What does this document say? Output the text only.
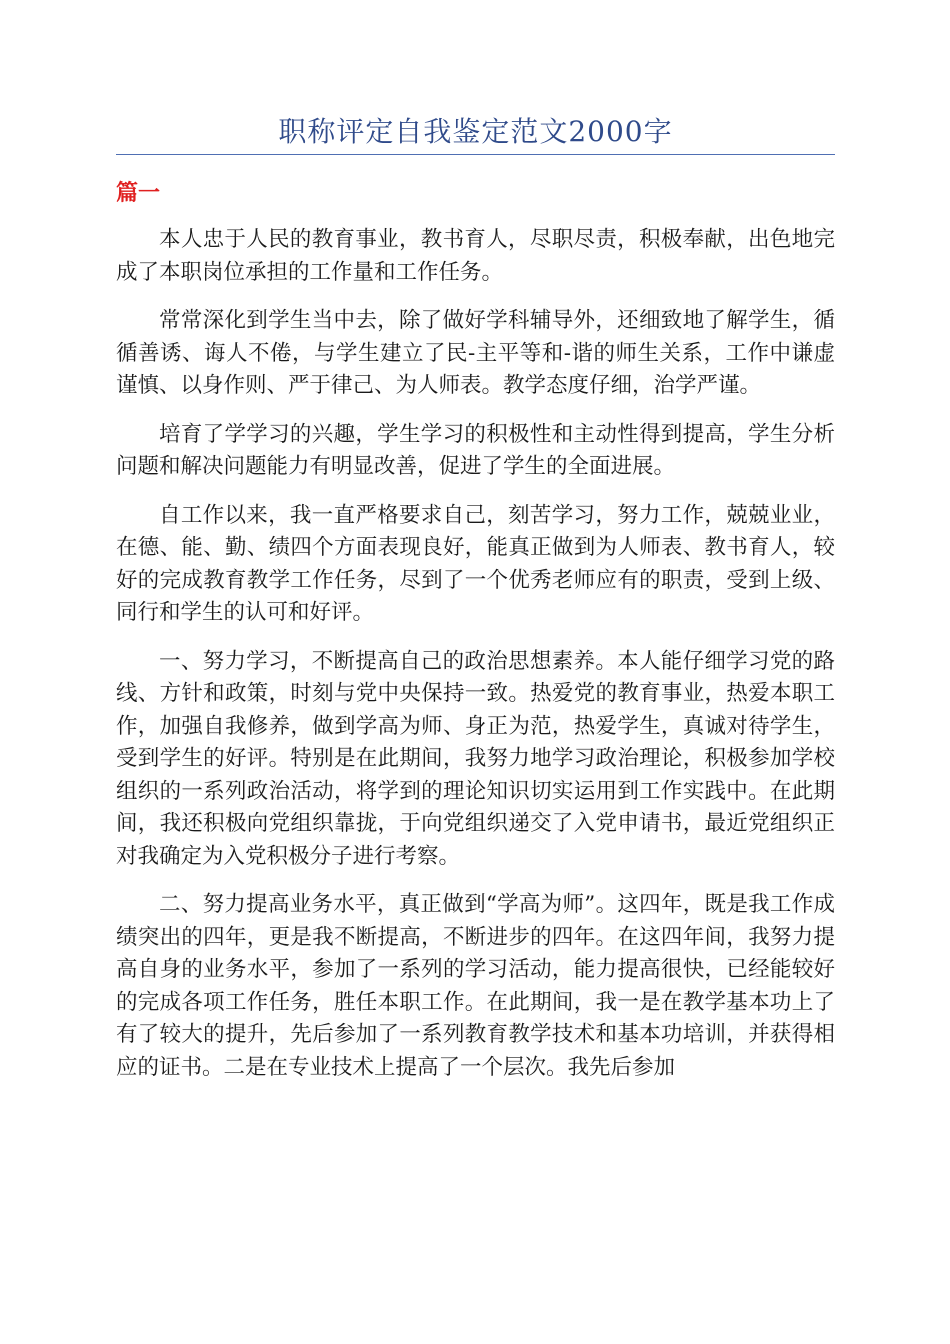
职称评定自我鉴定范文2000字
篇一

本人忠于人民的教育事业，教书育人，尽职尽责，积极奉献，出色地完成了本职岗位承担的工作量和工作任务。

常常深化到学生当中去，除了做好学科辅导外，还细致地了解学生，循循善诱、诲人不倦，与学生建立了民-主平等和-谐的师生关系，工作中谦虚谨慎、以身作则、严于律己、为人师表。教学态度仔细，治学严谨。

培育了学学习的兴趣，学生学习的积极性和主动性得到提高，学生分析问题和解决问题能力有明显改善，促进了学生的全面进展。

自工作以来，我一直严格要求自己，刻苦学习，努力工作，兢兢业业，在德、能、勤、绩四个方面表现良好，能真正做到为人师表、教书育人，较好的完成教育教学工作任务，尽到了一个优秀老师应有的职责，受到上级、同行和学生的认可和好评。

一、努力学习，不断提高自己的政治思想素养。本人能仔细学习党的路线、方针和政策，时刻与党中央保持一致。热爱党的教育事业，热爱本职工作，加强自我修养，做到学高为师、身正为范，热爱学生，真诚对待学生，受到学生的好评。特别是在此期间，我努力地学习政治理论，积极参加学校组织的一系列政治活动，将学到的理论知识切实运用到工作实践中。在此期间，我还积极向党组织靠拢，于向党组织递交了入党申请书，最近党组织正对我确定为入党积极分子进行考察。

二、努力提高业务水平，真正做到“学高为师”。这四年，既是我工作成绩突出的四年，更是我不断提高，不断进步的四年。在这四年间，我努力提高自身的业务水平，参加了一系列的学习活动，能力提高很快，已经能较好的完成各项工作任务，胜任本职工作。在此期间，我一是在教学基本功上了有了较大的提升，先后参加了一系列教育教学技术和基本功培训，并获得相应的证书。二是在专业技术上提高了一个层次。我先后参加
